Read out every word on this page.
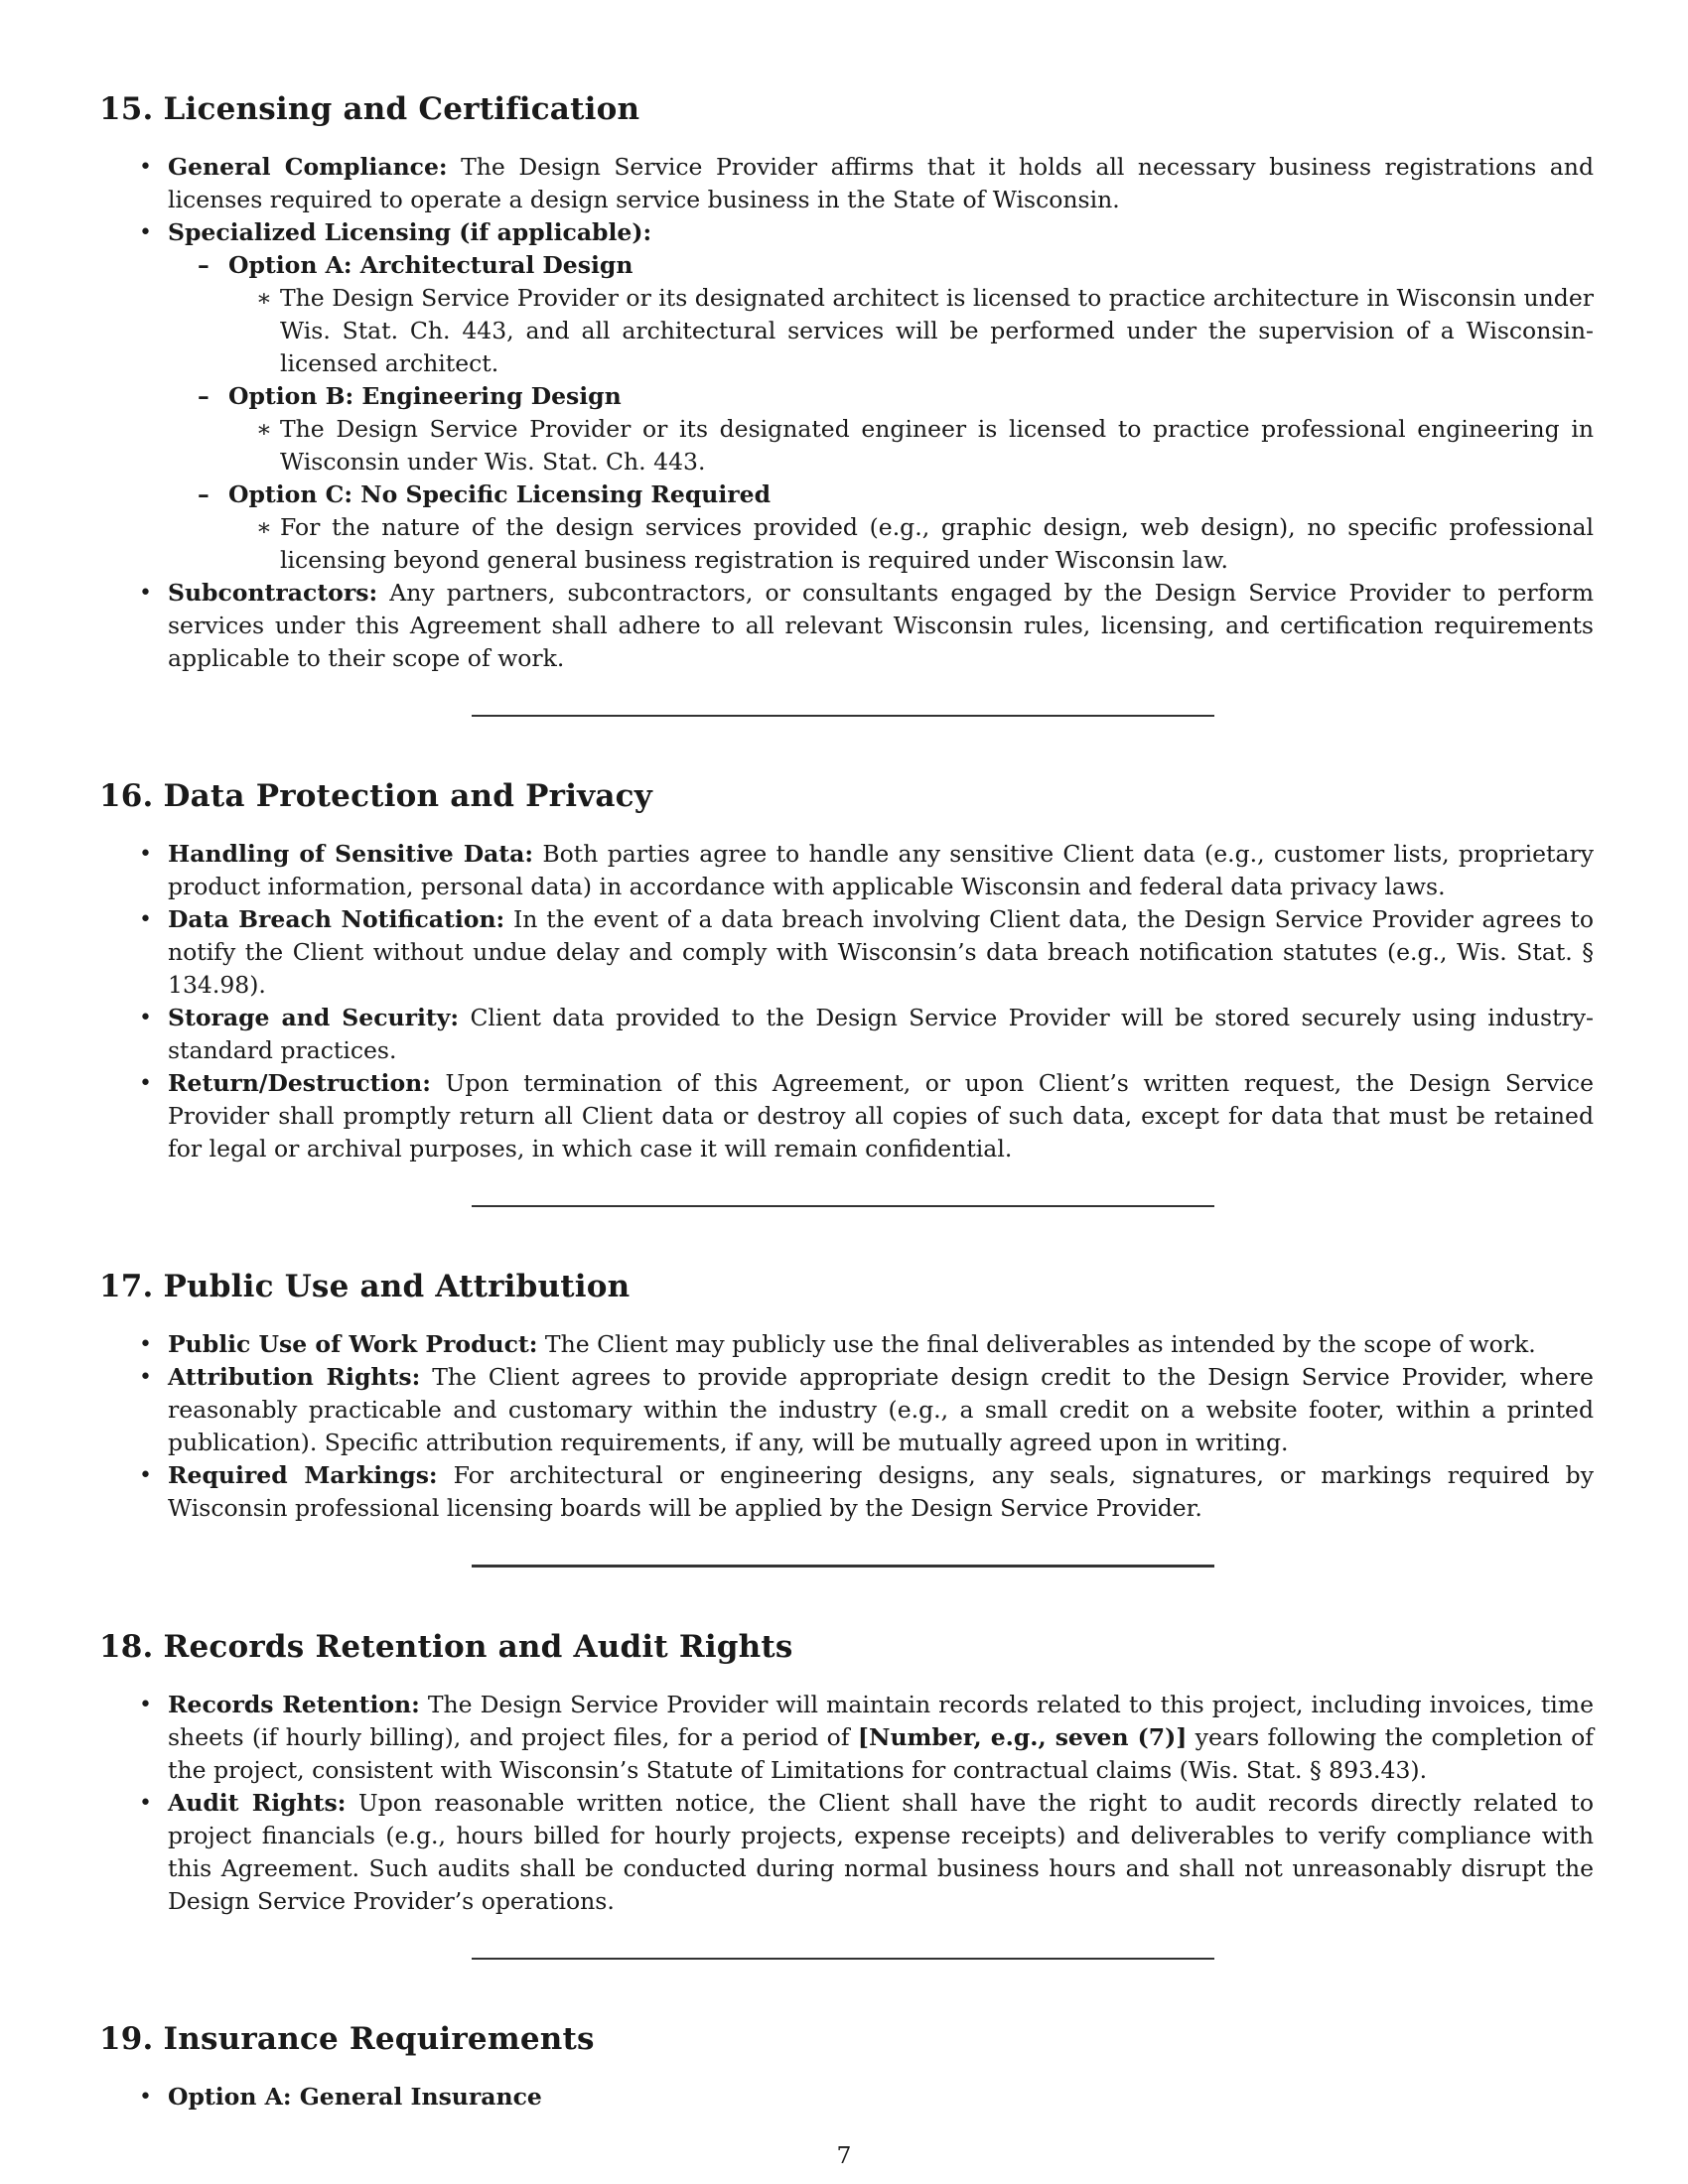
15. Licensing and Certification
• General Compliance: The Design Service Provider affirms that it holds all necessary business registrations and licenses required to operate a design service business in the State of Wisconsin.
• Specialized Licensing (if applicable):
– Option A: Architectural Design
∗ The Design Service Provider or its designated architect is licensed to practice architecture in Wisconsin under Wis. Stat. Ch. 443, and all architectural services will be performed under the supervision of a Wisconsin-licensed architect.
– Option B: Engineering Design
∗ The Design Service Provider or its designated engineer is licensed to practice professional engineering in Wisconsin under Wis. Stat. Ch. 443.
– Option C: No Specific Licensing Required
∗ For the nature of the design services provided (e.g., graphic design, web design), no specific professional licensing beyond general business registration is required under Wisconsin law.
• Subcontractors: Any partners, subcontractors, or consultants engaged by the Design Service Provider to perform services under this Agreement shall adhere to all relevant Wisconsin rules, licensing, and certification requirements applicable to their scope of work.
16. Data Protection and Privacy
• Handling of Sensitive Data: Both parties agree to handle any sensitive Client data (e.g., customer lists, proprietary product information, personal data) in accordance with applicable Wisconsin and federal data privacy laws.
• Data Breach Notification: In the event of a data breach involving Client data, the Design Service Provider agrees to notify the Client without undue delay and comply with Wisconsin’s data breach notification statutes (e.g., Wis. Stat. § 134.98).
• Storage and Security: Client data provided to the Design Service Provider will be stored securely using industry-standard practices.
• Return/Destruction: Upon termination of this Agreement, or upon Client’s written request, the Design Service Provider shall promptly return all Client data or destroy all copies of such data, except for data that must be retained for legal or archival purposes, in which case it will remain confidential.
17. Public Use and Attribution
• Public Use of Work Product: The Client may publicly use the final deliverables as intended by the scope of work.
• Attribution Rights: The Client agrees to provide appropriate design credit to the Design Service Provider, where reasonably practicable and customary within the industry (e.g., a small credit on a website footer, within a printed publication). Specific attribution requirements, if any, will be mutually agreed upon in writing.
• Required Markings: For architectural or engineering designs, any seals, signatures, or markings required by Wisconsin professional licensing boards will be applied by the Design Service Provider.
18. Records Retention and Audit Rights
• Records Retention: The Design Service Provider will maintain records related to this project, including invoices, time sheets (if hourly billing), and project files, for a period of [Number, e.g., seven (7)] years following the completion of the project, consistent with Wisconsin’s Statute of Limitations for contractual claims (Wis. Stat. § 893.43).
• Audit Rights: Upon reasonable written notice, the Client shall have the right to audit records directly related to project financials (e.g., hours billed for hourly projects, expense receipts) and deliverables to verify compliance with this Agreement. Such audits shall be conducted during normal business hours and shall not unreasonably disrupt the Design Service Provider’s operations.
19. Insurance Requirements
• Option A: General Insurance
7
